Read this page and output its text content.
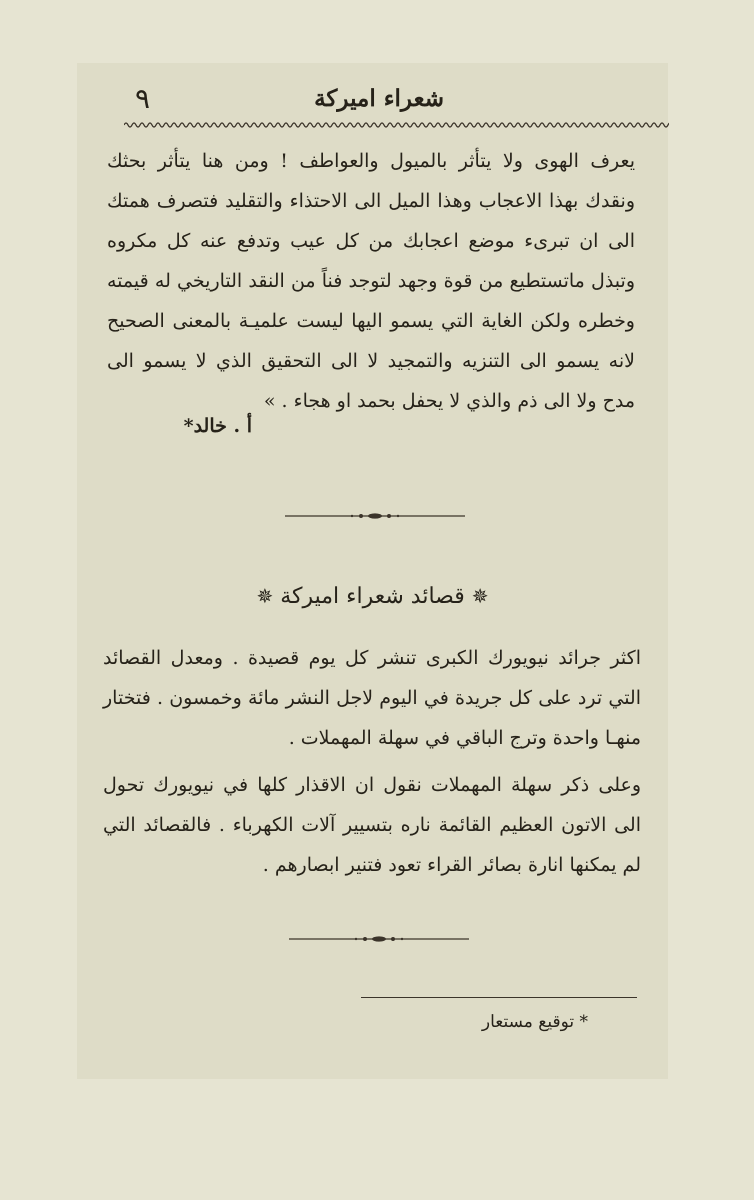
٩	شعراء اميركة
يعرف الهوى ولا يتأثر بالميول والعواطف ! ومن هنا يتأثر بحثك ونقدك بهذا الاعجاب وهذا الميل الى الاحتذاء والتقليد فتصرف همتك الى ان تبرىء موضع اعجابك من كل عيب وتدفع عنه كل مكروه وتبذل ماتستطيع من قوة وجهد لتوجد فناً من النقد التاريخي له قيمته وخطره ولكن الغاية التي يسمو اليها ليست علميـة بالمعنى الصحيح لانه يسمو الى التنزيه والتمجيد لا الى التحقيق الذي لا يسمو الى مدح ولا الى ذم والذي لا يحفل بحمد او هجاء . »
أ . خالد*
✵ قصائد شعراء اميركة ✵
اكثر جرائد نيويورك الكبرى تنشر كل يوم قصيدة . ومعدل القصائد التي ترد على كل جريدة في اليوم لاجل النشر مائة وخمسون . فتختار منهـا واحدة وترج الباقي في سهلة المهملات .
وعلى ذكر سهلة المهملات نقول ان الاقذار كلها في نيويورك تحول الى الاتون العظيم القائمة ناره بتسيير آلات الكهرباء . فالقصائد التي لم يمكنها انارة بصائر القراء تعود فتنير ابصارهم .
* توقيع مستعار
